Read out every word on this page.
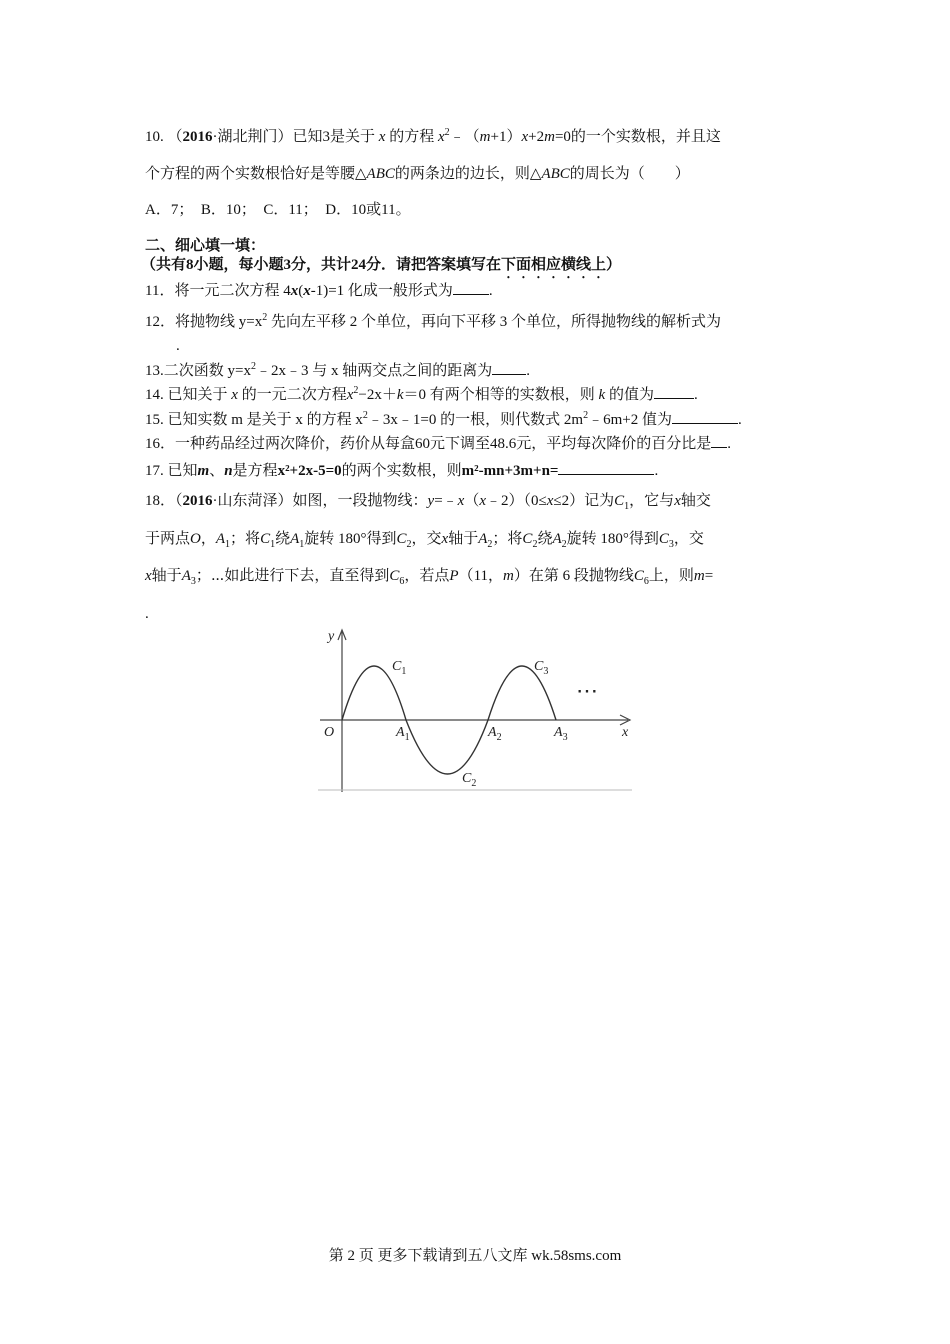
10. （2016·湖北荆门）已知3是关于 x 的方程 $x^2﹣(m+1)x+2m=0$的一个实数根，并且这
个方程的两个实数根恰好是等腰△ABC的两条边的边长，则△ABC的周长为（　　）
A．7；　B．10；　C．11；　D．10或11。
二、细心填一填：
（共有8小题，每小题3分，共计24分．请把答案填写在下面相应横线上）
11．将一元二次方程 4x(x-1)=1 化成一般形式为 .
12．将抛物线 $y=x^2$ 先向左平移 2 个单位，再向下平移 3 个单位，所得抛物线的解析式为
.
13.二次函数 $y=x^2﹣2x﹣3$ 与 x 轴两交点之间的距离为 .
14. 已知关于 x 的一元二次方程$x^2-2x+k=0$ 有两个相等的实数根，则 k 的值为	.
15. 已知实数 m 是关于 x 的方程 $x^2﹣3x﹣1=0$ 的一根，则代数式 $2m^2﹣6m+2$ 值为	.
16．一种药品经过两次降价，药价从每盒60元下调至48.6元，平均每次降价的百分比是 .
17. 已知m、n是方程x²+2x-5=0的两个实数根，则m²-mn+3m+n=	.
18．（2016·山东菏泽）如图，一段抛物线：y=﹣x（x﹣2）（0≤x≤2）记为$C_1$，它与x轴交
于两点O，$A_1$；将$C_1$绕$A_1$旋转 180°得到$C_2$，交x轴于$A_2$；将$C_2$绕$A_2$旋转 180°得到$C_3$，交
x轴于$A_3$；⋯如此进行下去，直至得到$C_6$，若点P（11，m）在第 6 段抛物线$C_6$上，则m=
.
y
x
O
$C_1$
$C_2$
$C_3$
$A_1$	$A_2$	$A_3$
⋯
第 2 页 更多下载请到五八文库 wk.58sms.com
